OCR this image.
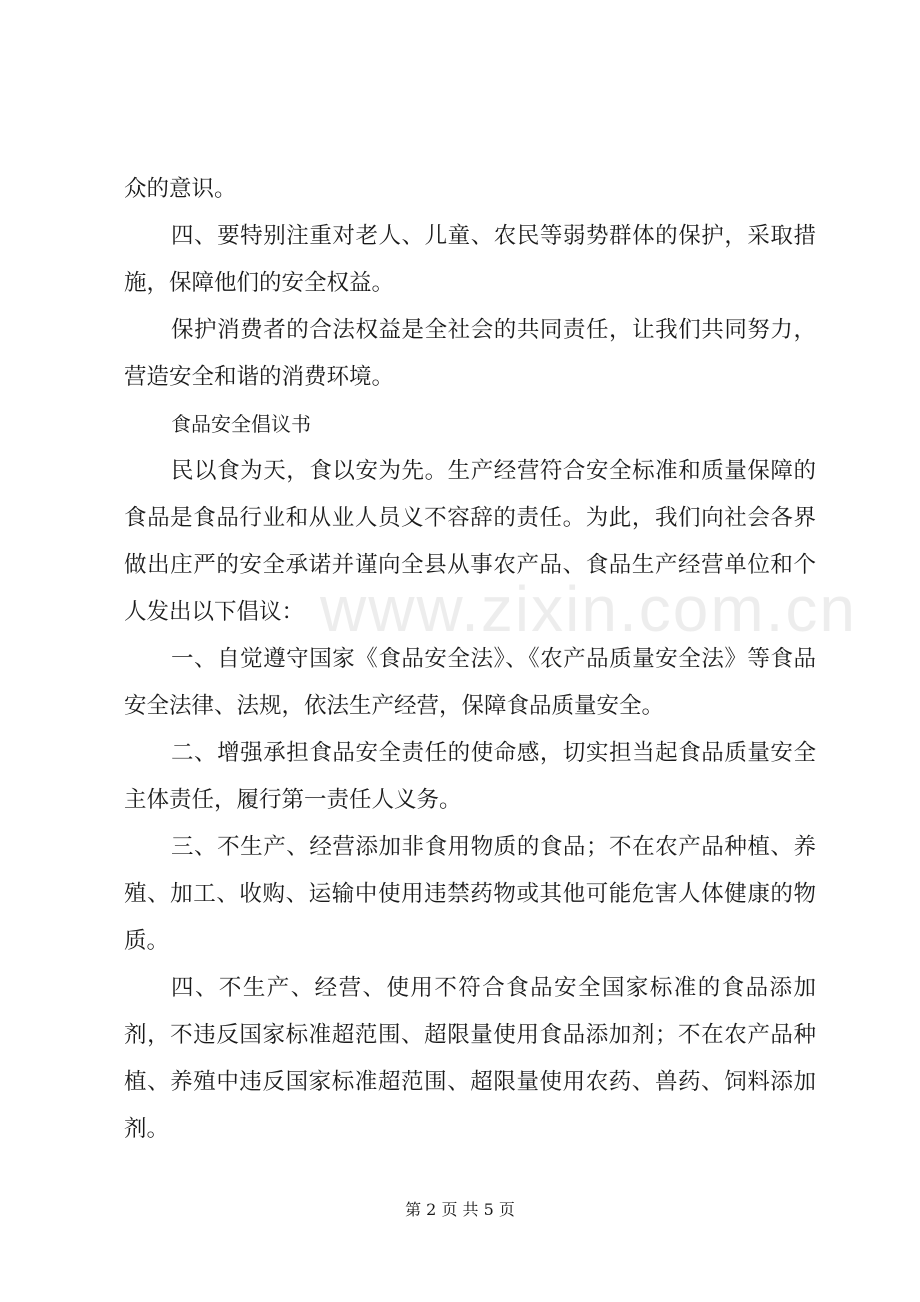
众的意识。

四、要特别注重对老人、儿童、农民等弱势群体的保护，采取措施，保障他们的安全权益。

保护消费者的合法权益是全社会的共同责任，让我们共同努力，营造安全和谐的消费环境。

食品安全倡议书

民以食为天，食以安为先。生产经营符合安全标准和质量保障的食品是食品行业和从业人员义不容辞的责任。为此，我们向社会各界做出庄严的安全承诺并谨向全县从事农产品、食品生产经营单位和个人发出以下倡议：

一、自觉遵守国家《食品安全法》、《农产品质量安全法》等食品安全法律、法规，依法生产经营，保障食品质量安全。

二、增强承担食品安全责任的使命感，切实担当起食品质量安全主体责任，履行第一责任人义务。

三、不生产、经营添加非食用物质的食品；不在农产品种植、养殖、加工、收购、运输中使用违禁药物或其他可能危害人体健康的物质。

四、不生产、经营、使用不符合食品安全国家标准的食品添加剂，不违反国家标准超范围、超限量使用食品添加剂；不在农产品种植、养殖中违反国家标准超范围、超限量使用农药、兽药、饲料添加剂。

www.zixin.com.cn
第 2 页 共 5 页
